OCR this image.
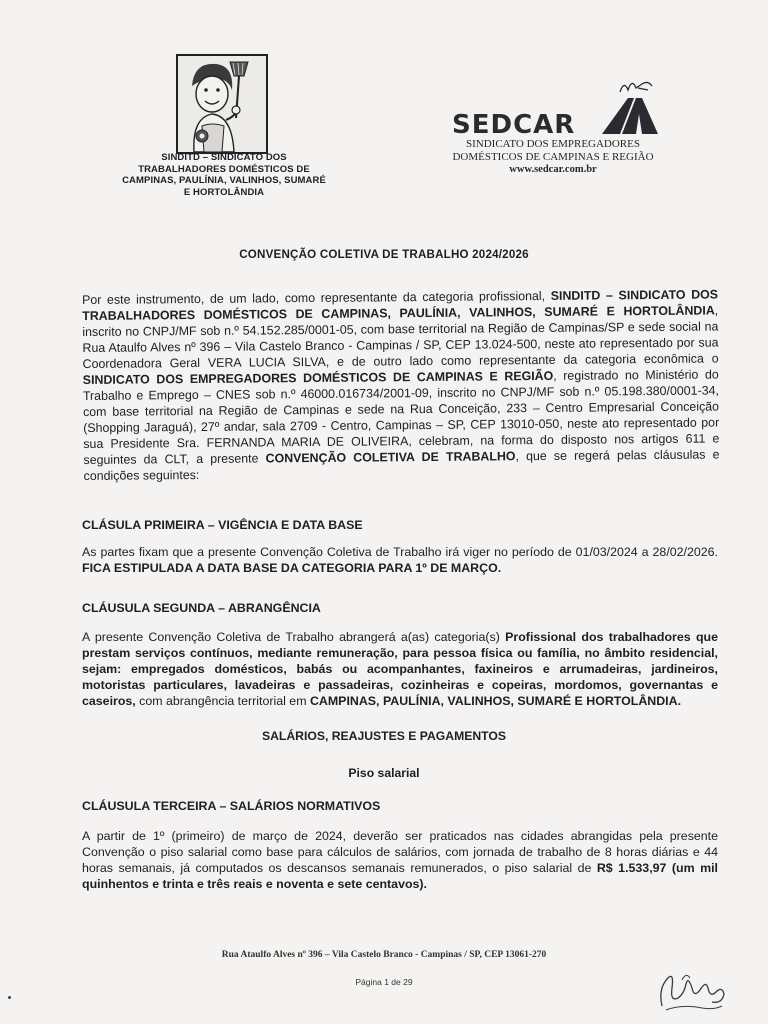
SINDITD – SINDICATO DOS
TRABALHADORES DOMÉSTICOS DE
CAMPINAS, PAULÍNIA, VALINHOS, SUMARÉ
E HORTOLÂNDIA
SEDCAR
SINDICATO DOS EMPREGADORES
DOMÉSTICOS DE CAMPINAS E REGIÃO
www.sedcar.com.br
CONVENÇÃO COLETIVA DE TRABALHO 2024/2026
Por este instrumento, de um lado, como representante da categoria profissional, SINDITD – SINDICATO DOS TRABALHADORES DOMÉSTICOS DE CAMPINAS, PAULÍNIA, VALINHOS, SUMARÉ E HORTOLÂNDIA, inscrito no CNPJ/MF sob n.º 54.152.285/0001-05, com base territorial na Região de Campinas/SP e sede social na Rua Ataulfo Alves nº 396 – Vila Castelo Branco - Campinas / SP, CEP 13.024-500, neste ato representado por sua Coordenadora Geral VERA LUCIA SILVA, e de outro lado como representante da categoria econômica o SINDICATO DOS EMPREGADORES DOMÉSTICOS DE CAMPINAS E REGIÃO, registrado no Ministério do Trabalho e Emprego – CNES sob n.º 46000.016734/2001-09, inscrito no CNPJ/MF sob n.º 05.198.380/0001-34, com base territorial na Região de Campinas e sede na Rua Conceição, 233 – Centro Empresarial Conceição (Shopping Jaraguá), 27º andar, sala 2709 - Centro, Campinas – SP, CEP 13010-050, neste ato representado por sua Presidente Sra. FERNANDA MARIA DE OLIVEIRA, celebram, na forma do disposto nos artigos 611 e seguintes da CLT, a presente CONVENÇÃO COLETIVA DE TRABALHO, que se regerá pelas cláusulas e condições seguintes:
CLÁSULA PRIMEIRA – VIGÊNCIA E DATA BASE
As partes fixam que a presente Convenção Coletiva de Trabalho irá viger no período de 01/03/2024 a 28/02/2026. FICA ESTIPULADA A DATA BASE DA CATEGORIA PARA 1º DE MARÇO.
CLÁUSULA SEGUNDA – ABRANGÊNCIA
A presente Convenção Coletiva de Trabalho abrangerá a(as) categoria(s) Profissional dos trabalhadores que prestam serviços contínuos, mediante remuneração, para pessoa física ou família, no âmbito residencial, sejam: empregados domésticos, babás ou acompanhantes, faxineiros e arrumadeiras, jardineiros, motoristas particulares, lavadeiras e passadeiras, cozinheiras e copeiras, mordomos, governantas e caseiros, com abrangência territorial em CAMPINAS, PAULÍNIA, VALINHOS, SUMARÉ E HORTOLÂNDIA.
SALÁRIOS, REAJUSTES E PAGAMENTOS
Piso salarial
CLÁUSULA TERCEIRA – SALÁRIOS NORMATIVOS
A partir de 1º (primeiro) de março de 2024, deverão ser praticados nas cidades abrangidas pela presente Convenção o piso salarial como base para cálculos de salários, com jornada de trabalho de 8 horas diárias e 44 horas semanais, já computados os descansos semanais remunerados, o piso salarial de R$ 1.533,97 (um mil quinhentos e trinta e três reais e noventa e sete centavos).
Rua Ataulfo Alves nº 396 – Vila Castelo Branco - Campinas / SP, CEP 13061-270
Página 1 de 29
